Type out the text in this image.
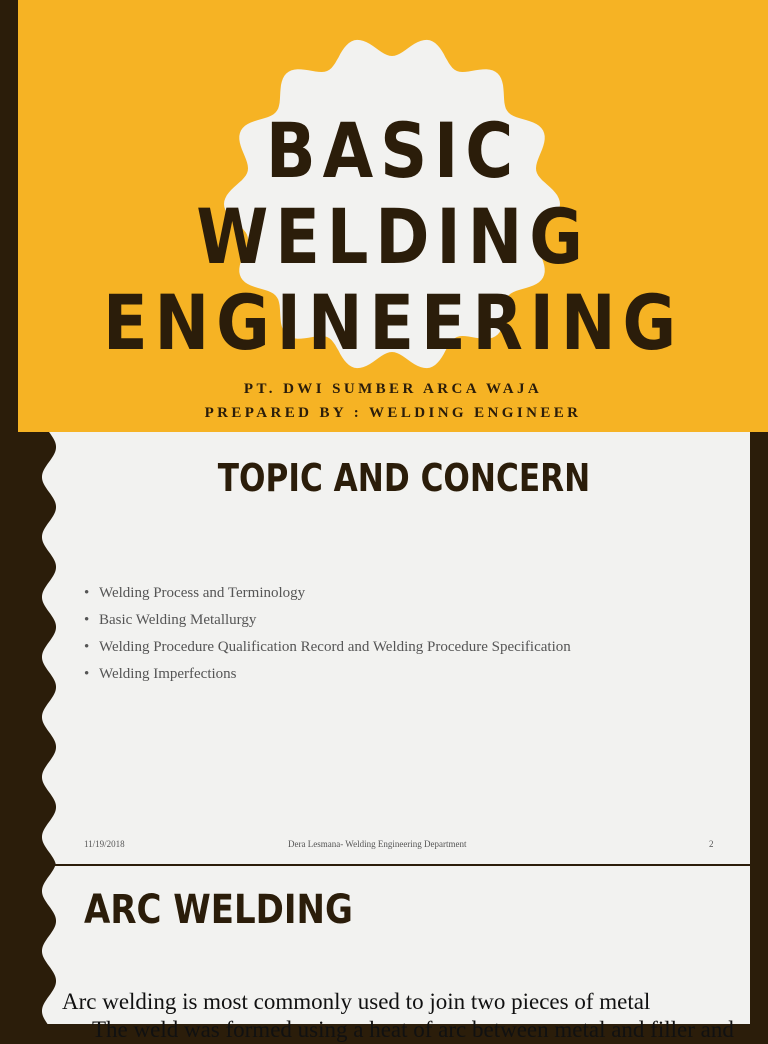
BASIC WELDING
ENGINEERING
PT. DWI SUMBER ARCA WAJA
PREPARED BY : WELDING ENGINEER
TOPIC AND CONCERN
• Welding Process and Terminology
• Basic Welding Metallurgy
• Welding Procedure Qualification Record and Welding Procedure Specification
• Welding Imperfections
11/19/2018	Dera Lesmana- Welding Engineering Department	2
ARC WELDING
Arc welding is most commonly used to join two pieces of metal
The weld was formed using a heat of arc between metal and filler and
